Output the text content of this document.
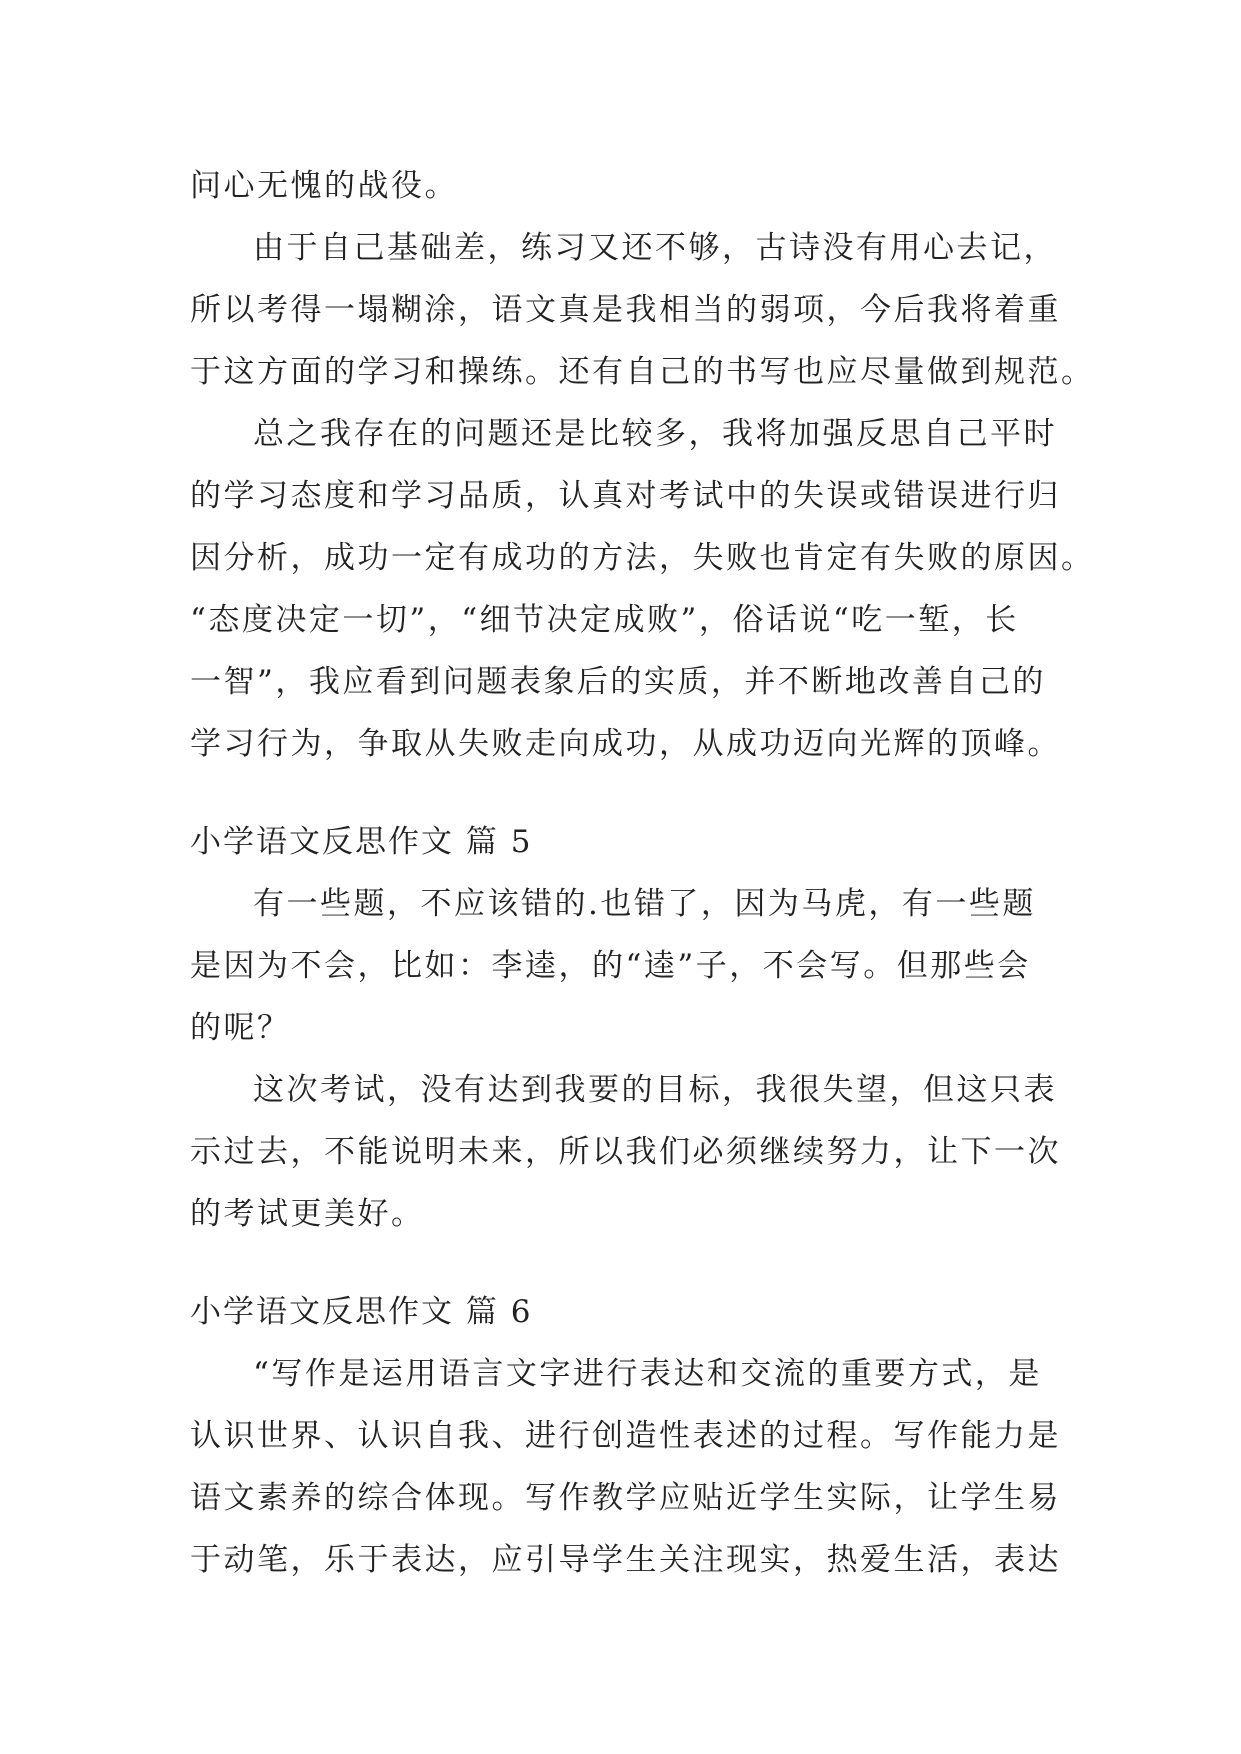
问心无愧的战役。
由于自己基础差，练习又还不够，古诗没有用心去记，
所以考得一塌糊涂，语文真是我相当的弱项，今后我将着重
于这方面的学习和操练。还有自己的书写也应尽量做到规范。
总之我存在的问题还是比较多，我将加强反思自己平时
的学习态度和学习品质，认真对考试中的失误或错误进行归
因分析，成功一定有成功的方法，失败也肯定有失败的原因。
“态度决定一切”，“细节决定成败”，俗话说“吃一堑，长
一智”，我应看到问题表象后的实质，并不断地改善自己的
学习行为，争取从失败走向成功，从成功迈向光辉的顶峰。
小学语文反思作文 篇 5
有一些题，不应该错的.也错了，因为马虎，有一些题
是因为不会，比如：李逵，的“逵”子，不会写。但那些会
的呢？
这次考试，没有达到我要的目标，我很失望，但这只表
示过去，不能说明未来，所以我们必须继续努力，让下一次
的考试更美好。
小学语文反思作文 篇 6
“写作是运用语言文字进行表达和交流的重要方式，是
认识世界、认识自我、进行创造性表述的过程。写作能力是
语文素养的综合体现。写作教学应贴近学生实际，让学生易
于动笔，乐于表达，应引导学生关注现实，热爱生活，表达
